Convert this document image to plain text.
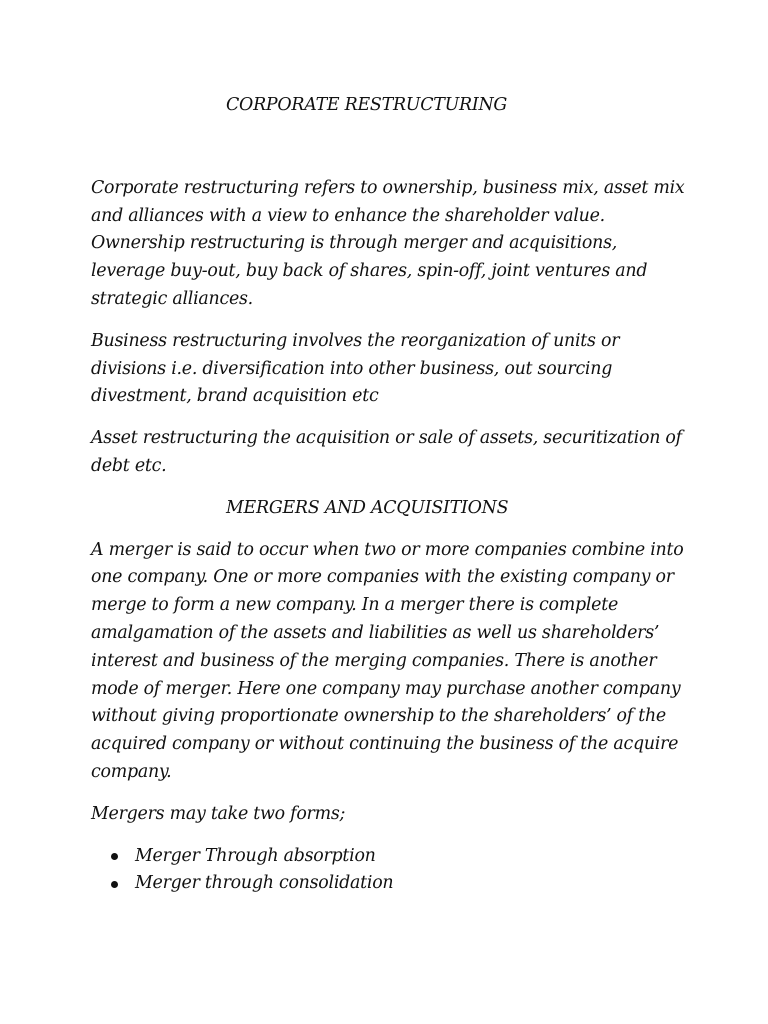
CORPORATE RESTRUCTURING

Corporate restructuring refers to ownership, business mix, asset mix and alliances with a view to enhance the shareholder value. Ownership restructuring is through merger and acquisitions, leverage buy-out, buy back of shares, spin-off, joint ventures and strategic alliances.

Business restructuring involves the reorganization of units or divisions i.e. diversification into other business, out sourcing divestment, brand acquisition etc

Asset restructuring the acquisition or sale of assets, securitization of debt etc.

MERGERS AND ACQUISITIONS

A merger is said to occur when two or more companies combine into one company. One or more companies with the existing company or merge to form a new company. In a merger there is complete amalgamation of the assets and liabilities as well us shareholders’ interest and business of the merging companies. There is another mode of merger. Here one company may purchase another company without giving proportionate ownership to the shareholders’ of the acquired company or without continuing the business of the acquire company.

Mergers may take two forms;

Merger Through absorption
Merger through consolidation
